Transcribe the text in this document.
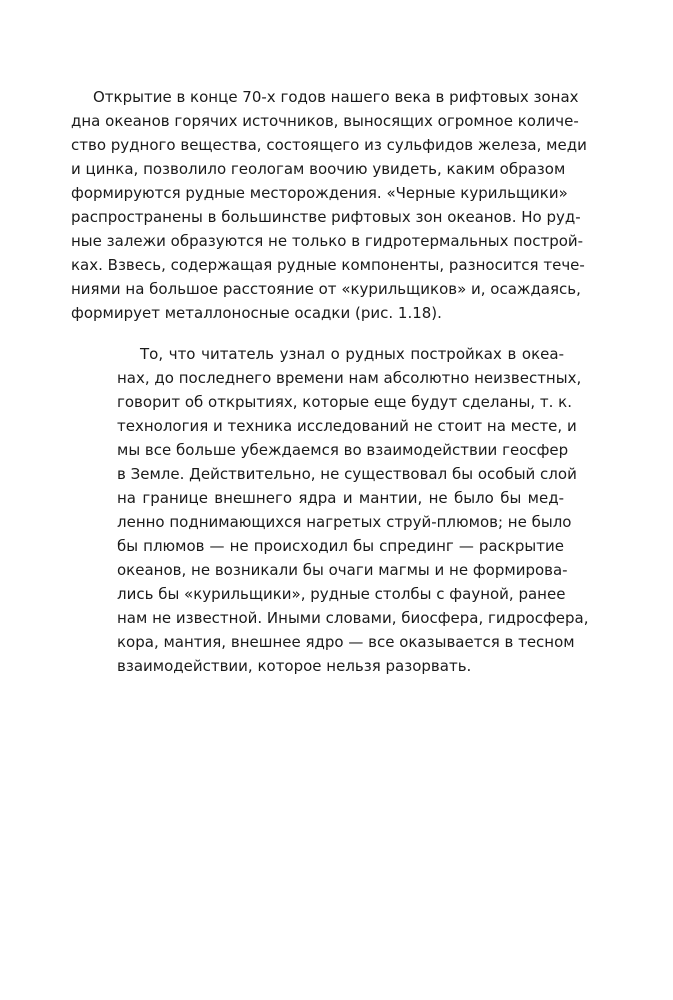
Открытие в конце 70-х годов нашего века в рифтовых зонах

дна океанов горячих источников, выносящих огромное количе-

ство рудного вещества, состоящего из сульфидов железа, меди

и цинка, позволило геологам воочию увидеть, каким образом

формируются рудные месторождения. «Черные курильщики»

распространены в большинстве рифтовых зон океанов. Но руд-

ные залежи образуются не только в гидротермальных построй-

ках. Взвесь, содержащая рудные компоненты, разносится тече-

ниями на большое расстояние от «курильщиков» и, осаждаясь,

формирует металлоносные осадки (рис. 1.18).

То, что читатель узнал о рудных постройках в океа-

нах, до последнего времени нам абсолютно неизвестных,

говорит об открытиях, которые еще будут сделаны, т. к.

технология и техника исследований не стоит на месте, и

мы все больше убеждаемся во взаимодействии геосфер

в Земле. Действительно, не существовал бы особый слой

на границе внешнего ядра и мантии, не было бы мед-

ленно поднимающихся нагретых струй-плюмов; не было

бы плюмов — не происходил бы спрединг — раскрытие

океанов, не возникали бы очаги магмы и не формирова-

лись бы «курильщики», рудные столбы с фауной, ранее

нам не известной. Иными словами, биосфера, гидросфера,

кора, мантия, внешнее ядро — все оказывается в тесном

взаимодействии, которое нельзя разорвать.
